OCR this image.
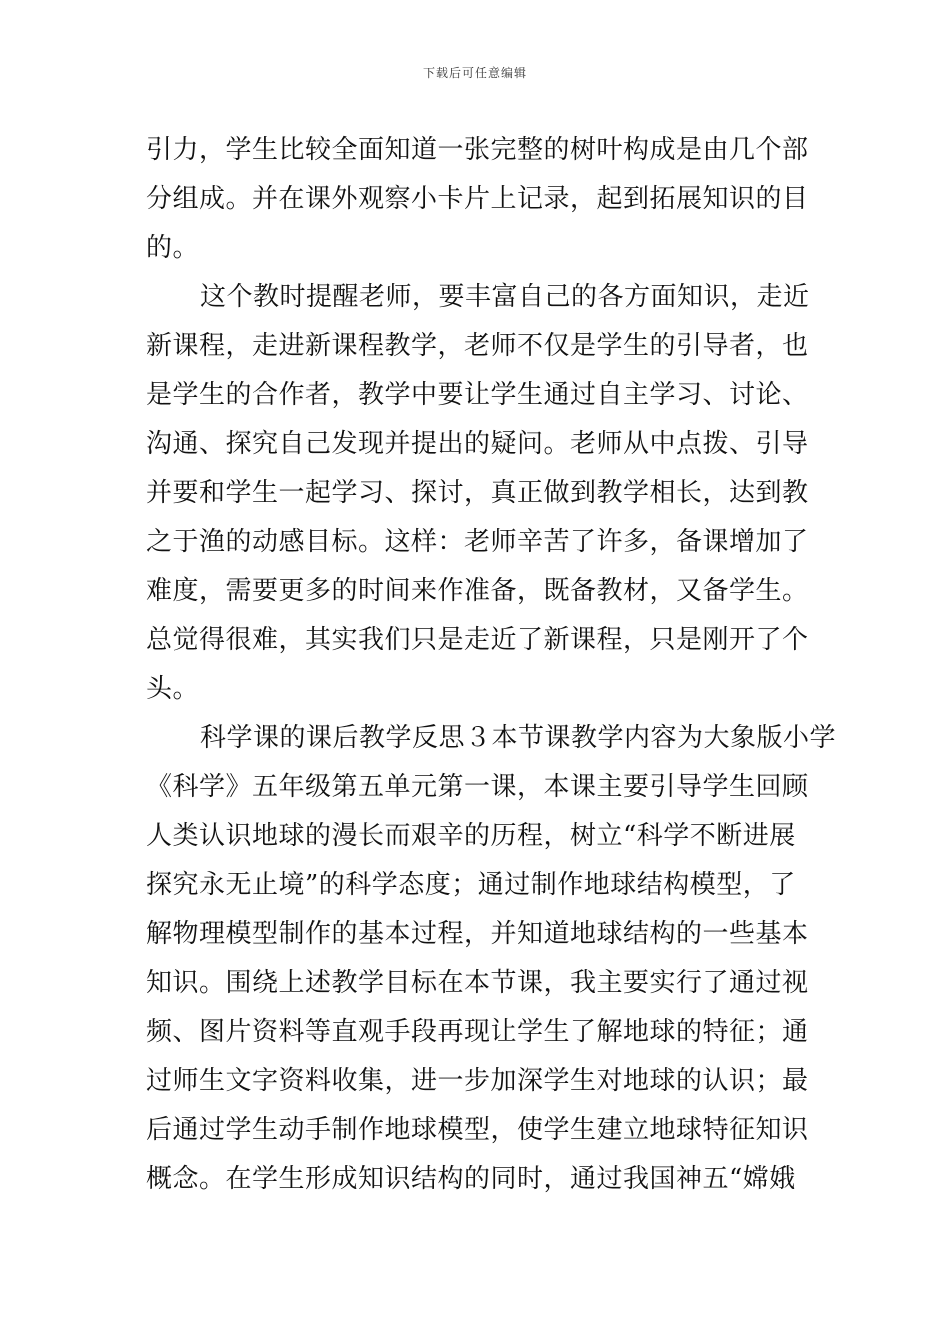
下载后可任意编辑
引力，学生比较全面知道一张完整的树叶构成是由几个部
分组成。并在课外观察小卡片上记录，起到拓展知识的目
的。
这个教时提醒老师，要丰富自己的各方面知识，走近
新课程，走进新课程教学，老师不仅是学生的引导者，也
是学生的合作者，教学中要让学生通过自主学习、讨论、
沟通、探究自己发现并提出的疑问。老师从中点拨、引导
并要和学生一起学习、探讨，真正做到教学相长，达到教
之于渔的动感目标。这样：老师辛苦了许多，备课增加了
难度，需要更多的时间来作准备，既备教材，又备学生。
总觉得很难，其实我们只是走近了新课程，只是刚开了个
头。
科学课的课后教学反思３本节课教学内容为大象版小学
《科学》五年级第五单元第一课，本课主要引导学生回顾
人类认识地球的漫长而艰辛的历程，树立“科学不断进展
探究永无止境”的科学态度；通过制作地球结构模型，了
解物理模型制作的基本过程，并知道地球结构的一些基本
知识。围绕上述教学目标在本节课，我主要实行了通过视
频、图片资料等直观手段再现让学生了解地球的特征；通
过师生文字资料收集，进一步加深学生对地球的认识；最
后通过学生动手制作地球模型，使学生建立地球特征知识
概念。在学生形成知识结构的同时，通过我国神五“嫦娥
